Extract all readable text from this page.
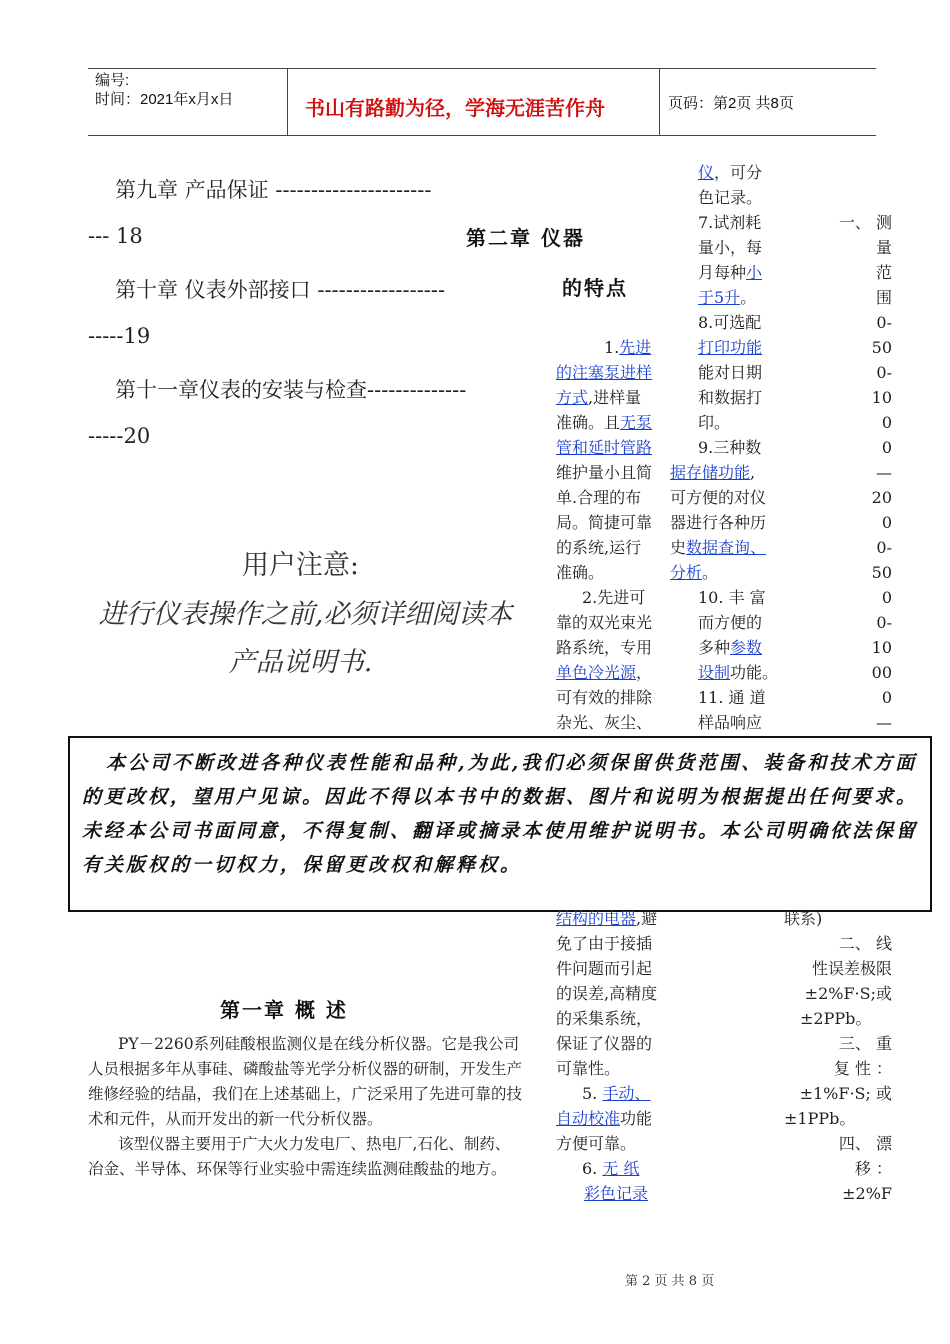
编号:
时间：2021年x月x日	书山有路勤为径，学海无涯苦作舟	页码：第2页 共8页
第九章 产品保证 ----------------------
--- 18
第十章 仪表外部接口 ------------------
-----19
第十一章仪表的安装与检查--------------
-----20
用户注意:
进行仪表操作之前,必须详细阅读本
产品说明书.
第二章 仪器
的特点
1.先进
的注塞泵进样
方式,进样量
准确。且无泵
管和延时管路
维护量小且简
单.合理的布
局。简捷可靠
的系统,运行
准确。
2.先进可
靠的双光束光
路系统，专用
单色冷光源，
可有效的排除
杂光、灰尘、
仪，可分
色记录。
7.试剂耗
量小，每
月每种小
于5升。
8.可选配
打印功能
能对日期
和数据打
印。
9.三种数
据存储功能,
可方便的对仪
器进行各种历
史数据查询、
分析。
10. 丰 富
而方便的
多种参数
设制功能。
11. 通 道
样品响应
一、 测
量
范
围
0-
50
0-
10
0
0
—
20
0
0-
50
0
0-
10
00
0
—

本公司不断改进各种仪表性能和品种,为此,我们必须保留供货范围、装备和技术方面的更改权，望用户见谅。因此不得以本书中的数据、图片和说明为根据提出任何要求。

未经本公司书面同意，不得复制、翻译或摘录本使用维护说明书。本公司明确依法保留有关版权的一切权力，保留更改权和解释权。

结构的电器,避
免了由于接插
件问题而引起
的误差,高精度
的采集系统，
保证了仪器的
可靠性。
5. 手动、
自动校准功能
方便可靠。
6. 无 纸
彩色记录
联系)
二、 线
性误差极限
±2%F·S;或
±2PPb。
三、 重
复 性 ：
±1%F·S; 或
±1PPb。
四、 漂
移 ：
±2%F
第一章 概 述
PY－2260系列硅酸根监测仪是在线分析仪器。它是我公司
人员根据多年从事硅、磷酸盐等光学分析仪器的研制，开发生产
维修经验的结晶，我们在上述基础上，广泛采用了先进可靠的技
术和元件，从而开发出的新一代分析仪器。
该型仪器主要用于广大火力发电厂、热电厂,石化、制药、
冶金、半导体、环保等行业实验中需连续监测硅酸盐的地方。
第 2 页 共 8 页
